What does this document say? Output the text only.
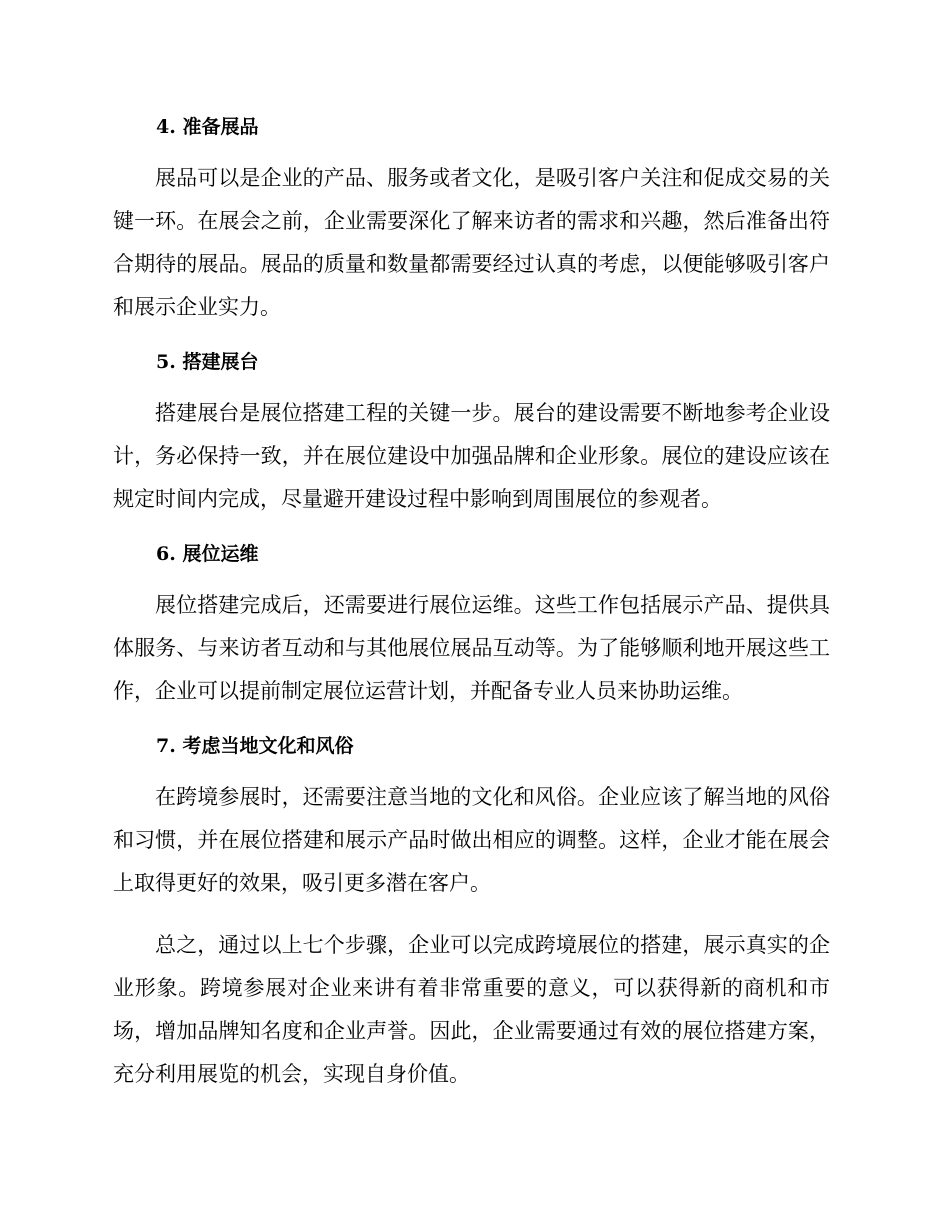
4. 准备展品

展品可以是企业的产品、服务或者文化，是吸引客户关注和促成交易的关键一环。在展会之前，企业需要深化了解来访者的需求和兴趣，然后准备出符合期待的展品。展品的质量和数量都需要经过认真的考虑，以便能够吸引客户和展示企业实力。

5. 搭建展台

搭建展台是展位搭建工程的关键一步。展台的建设需要不断地参考企业设计，务必保持一致，并在展位建设中加强品牌和企业形象。展位的建设应该在规定时间内完成，尽量避开建设过程中影响到周围展位的参观者。

6. 展位运维

展位搭建完成后，还需要进行展位运维。这些工作包括展示产品、提供具体服务、与来访者互动和与其他展位展品互动等。为了能够顺利地开展这些工作，企业可以提前制定展位运营计划，并配备专业人员来协助运维。

7. 考虑当地文化和风俗

在跨境参展时，还需要注意当地的文化和风俗。企业应该了解当地的风俗和习惯，并在展位搭建和展示产品时做出相应的调整。这样，企业才能在展会上取得更好的效果，吸引更多潜在客户。

总之，通过以上七个步骤，企业可以完成跨境展位的搭建，展示真实的企业形象。跨境参展对企业来讲有着非常重要的意义，可以获得新的商机和市场，增加品牌知名度和企业声誉。因此，企业需要通过有效的展位搭建方案，充分利用展览的机会，实现自身价值。
